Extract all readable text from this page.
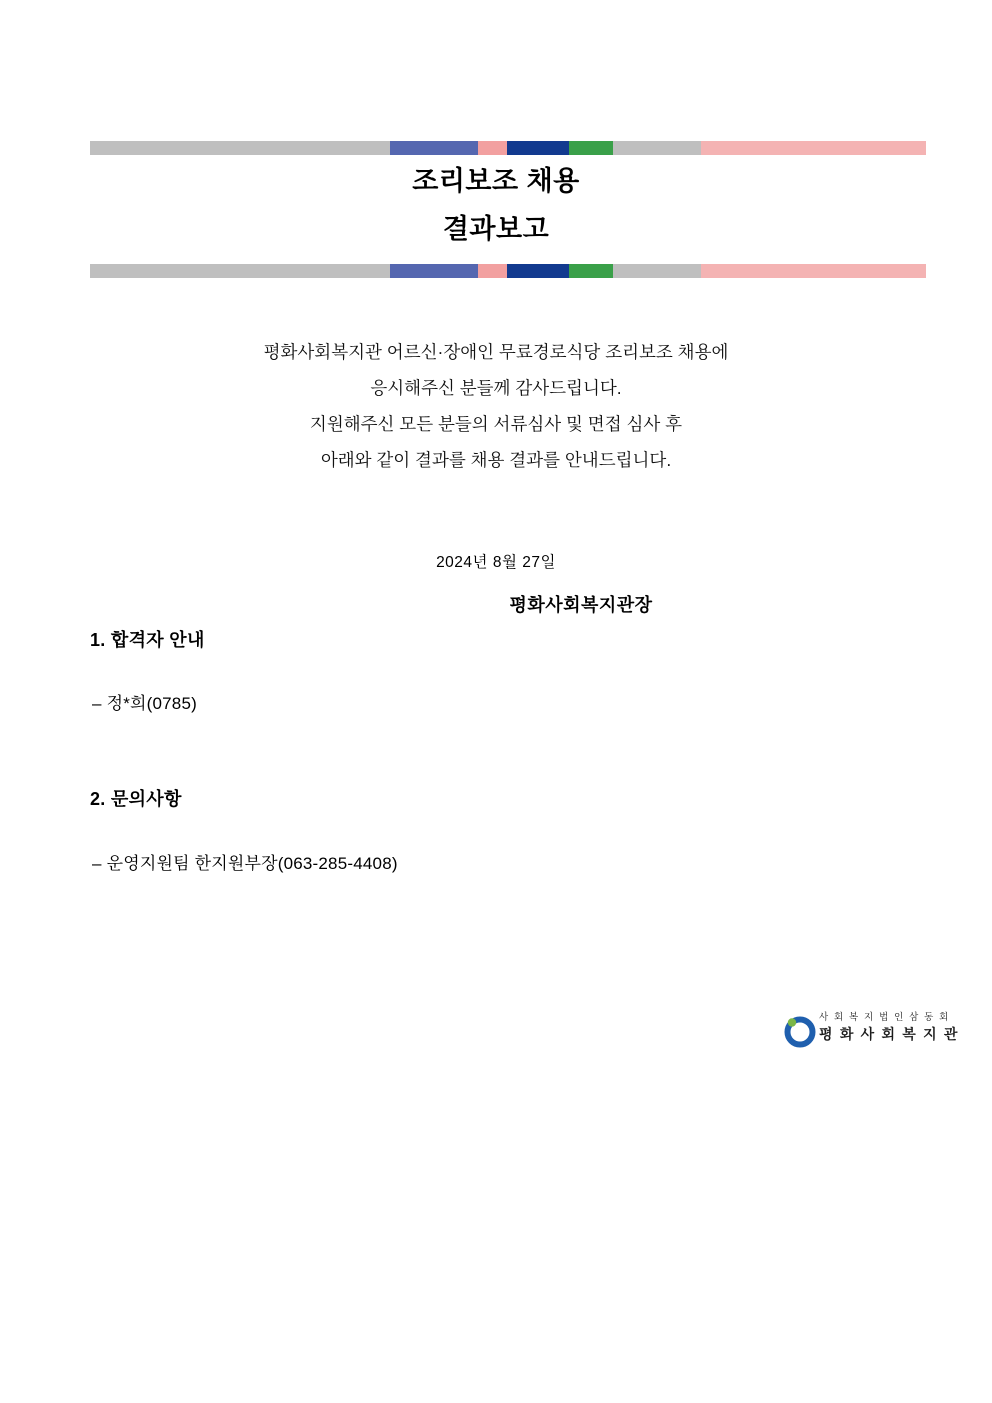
조리보조 채용
결과보고
평화사회복지관 어르신·장애인 무료경로식당 조리보조 채용에
응시해주신 분들께 감사드립니다.
지원해주신 모든 분들의 서류심사 및 면접 심사 후
아래와 같이 결과를 채용 결과를 안내드립니다.
2024년 8월 27일
평화사회복지관장
1. 합격자 안내
– 정*희(0785)
2. 문의사항
– 운영지원팀 한지원부장(063-285-4408)
사 회 복 지 법 인 삼 동 회
평 화 사 회 복 지 관
